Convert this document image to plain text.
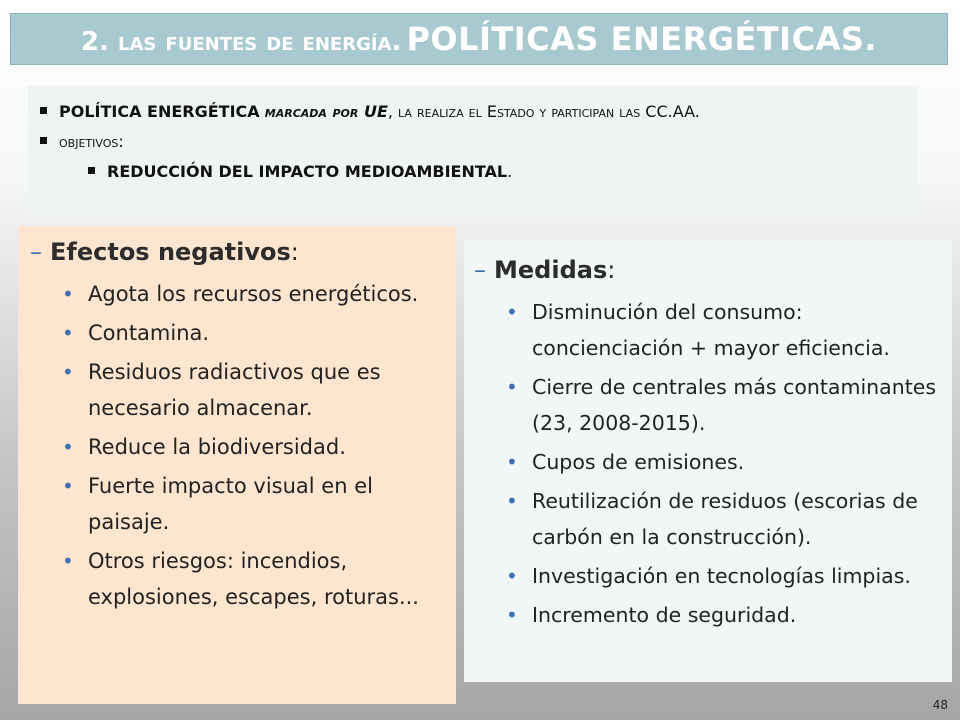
2. las fuentes de energía. POLÍTICAS ENERGÉTICAS.
POLÍTICA ENERGÉTICA marcada por UE, la realiza el Estado y participan las CC.AA.
objetivos:
REDUCCIÓN DEL IMPACTO MEDIOAMBIENTAL.
– Efectos negativos:
• Agota los recursos energéticos.
• Contamina.
• Residuos radiactivos que es necesario almacenar.
• Reduce la biodiversidad.
• Fuerte impacto visual en el paisaje.
• Otros riesgos: incendios, explosiones, escapes, roturas...
– Medidas:
• Disminución del consumo: concienciación + mayor eficiencia.
• Cierre de centrales más contaminantes (23, 2008-2015).
• Cupos de emisiones.
• Reutilización de residuos (escorias de carbón en la construcción).
• Investigación en tecnologías limpias.
• Incremento de seguridad.
48
